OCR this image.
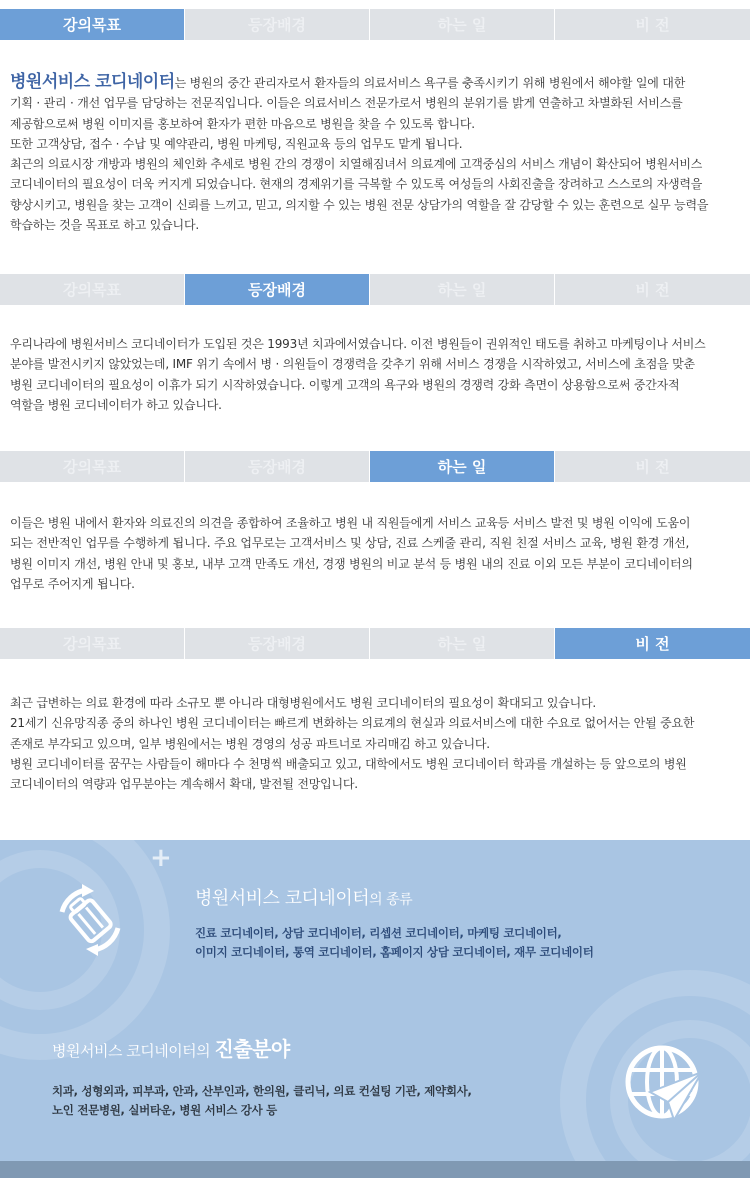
강의목표	등장배경	하는 일	비 전

병원서비스 코디네이터는 병원의 중간 관리자로서 환자들의 의료서비스 욕구를 충족시키기 위해 병원에서 해야할 일에 대한

기획 · 관리 · 개선 업무를 담당하는 전문직입니다. 이들은 의료서비스 전문가로서 병원의 분위기를 밝게 연출하고 차별화된 서비스를

제공함으로써 병원 이미지를 홍보하여 환자가 편한 마음으로 병원을 찾을 수 있도록 합니다.

또한 고객상담, 접수 · 수납 및 예약관리, 병원 마케팅, 직원교육 등의 업무도 맡게 됩니다.

최근의 의료시장 개방과 병원의 체인화 추세로 병원 간의 경쟁이 치열해짐녀서 의료계에 고객중심의 서비스 개념이 확산되어 병원서비스

코디네이터의 필요성이 더욱 커지게 되었습니다. 현재의 경제위기를 극복할 수 있도록 여성들의 사회진출을 장려하고 스스로의 자생력을

향상시키고, 병원을 찾는 고객이 신뢰를 느끼고, 믿고, 의지할 수 있는 병원 전문 상담가의 역할을 잘 감당할 수 있는 훈련으로 실무 능력을

학습하는 것을 목표로 하고 있습니다.

강의목표	등장배경	하는 일	비 전

우리나라에 병원서비스 코디네이터가 도입된 것은 1993년 치과에서였습니다. 이전 병원들이 권위적인 태도를 취하고 마케팅이나 서비스

분야를 발전시키지 않았었는데, IMF 위기 속에서 병 · 의원들이 경쟁력을 갖추기 위해 서비스 경쟁을 시작하였고, 서비스에 초점을 맞춘

병원 코디네이터의 필요성이 이휴가 되기 시작하였습니다. 이렇게 고객의 욕구와 병원의 경쟁력 강화 측면이 상용함으로써 중간자적

역할을 병원 코디네이터가 하고 있습니다.

강의목표	등장배경	하는 일	비 전

이들은 병원 내에서 환자와 의료진의 의견을 종합하여 조율하고 병원 내 직원들에게 서비스 교육등 서비스 발전 및 병원 이익에 도움이

되는 전반적인 업무를 수행하게 됩니다. 주요 업무로는 고객서비스 및 상담, 진료 스케줄 관리, 직원 친절 서비스 교육, 병원 환경 개선,

병원 이미지 개선, 병원 안내 및 홍보, 내부 고객 만족도 개선, 경쟁 병원의 비교 분석 등 병원 내의 진료 이외 모든 부분이 코디네이터의

업무로 주어지게 됩니다.

강의목표	등장배경	하는 일	비 전

최근 급변하는 의료 환경에 따라 소규모 뿐 아니라 대형병원에서도 병원 코디네이터의 필요성이 확대되고 있습니다.

21세기 신유망직종 중의 하나인 병원 코디네이터는 빠르게 변화하는 의료계의 현실과 의료서비스에 대한 수요로 없어서는 안될 중요한

존재로 부각되고 있으며, 일부 병원에서는 병원 경영의 성공 파트너로 자리매김 하고 있습니다.

병원 코디네이터를 꿈꾸는 사람들이 해마다 수 천명씩 배출되고 있고, 대학에서도 병원 코디네이터 학과를 개설하는 등 앞으로의 병원

코디네이터의 역량과 업무분야는 계속해서 확대, 발전될 전망입니다.

+
병원서비스 코디네이터의 종류

진료 코디네이터, 상담 코디네이터, 리셉션 코디네이터, 마케팅 코디네이터,

이미지 코디네이터, 통역 코디네이터, 홈페이지 상담 코디네이터, 재무 코디네이터

병원서비스 코디네이터의 진출분야

치과, 성형외과, 피부과, 안과, 산부인과, 한의원, 클리닉, 의료 컨설팅 기관, 제약회사,

노인 전문병원, 실버타운, 병원 서비스 강사 등
